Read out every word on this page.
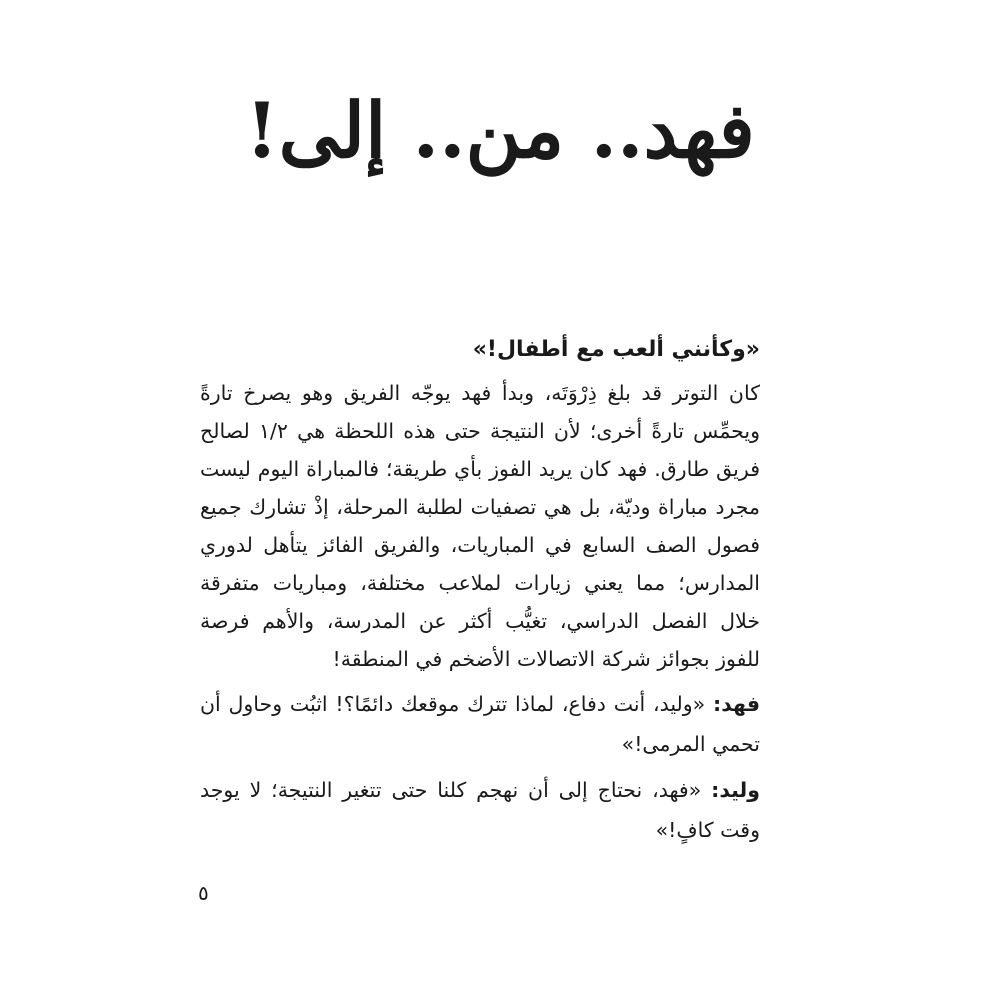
فهد.. من.. إلى!

«وكأنني ألعب مع أطفال!»

كان التوتر قد بلغ ذِرْوَتَه، وبدأ فهد يوجّه الفريق وهو يصرخ تارةً ويحمِّس تارةً أخرى؛ لأن النتيجة حتى هذه اللحظة هي ١/٢ لصالح فريق طارق. فهد كان يريد الفوز بأي طريقة؛ فالمباراة اليوم ليست مجرد مباراة وديّة، بل هي تصفيات لطلبة المرحلة، إذْ تشارك جميع فصول الصف السابع في المباريات، والفريق الفائز يتأهل لدوري المدارس؛ مما يعني زيارات لملاعب مختلفة، ومباريات متفرقة خلال الفصل الدراسي، تغيُّب أكثر عن المدرسة، والأهم فرصة للفوز بجوائز شركة الاتصالات الأضخم في المنطقة!

فهد: «وليد، أنت دفاع، لماذا تترك موقعك دائمًا؟! اثبُت وحاول أن تحمي المرمى!»

وليد: «فهد، نحتاج إلى أن نهجم كلنا حتى تتغير النتيجة؛ لا يوجد وقت كافٍ!»

٥
